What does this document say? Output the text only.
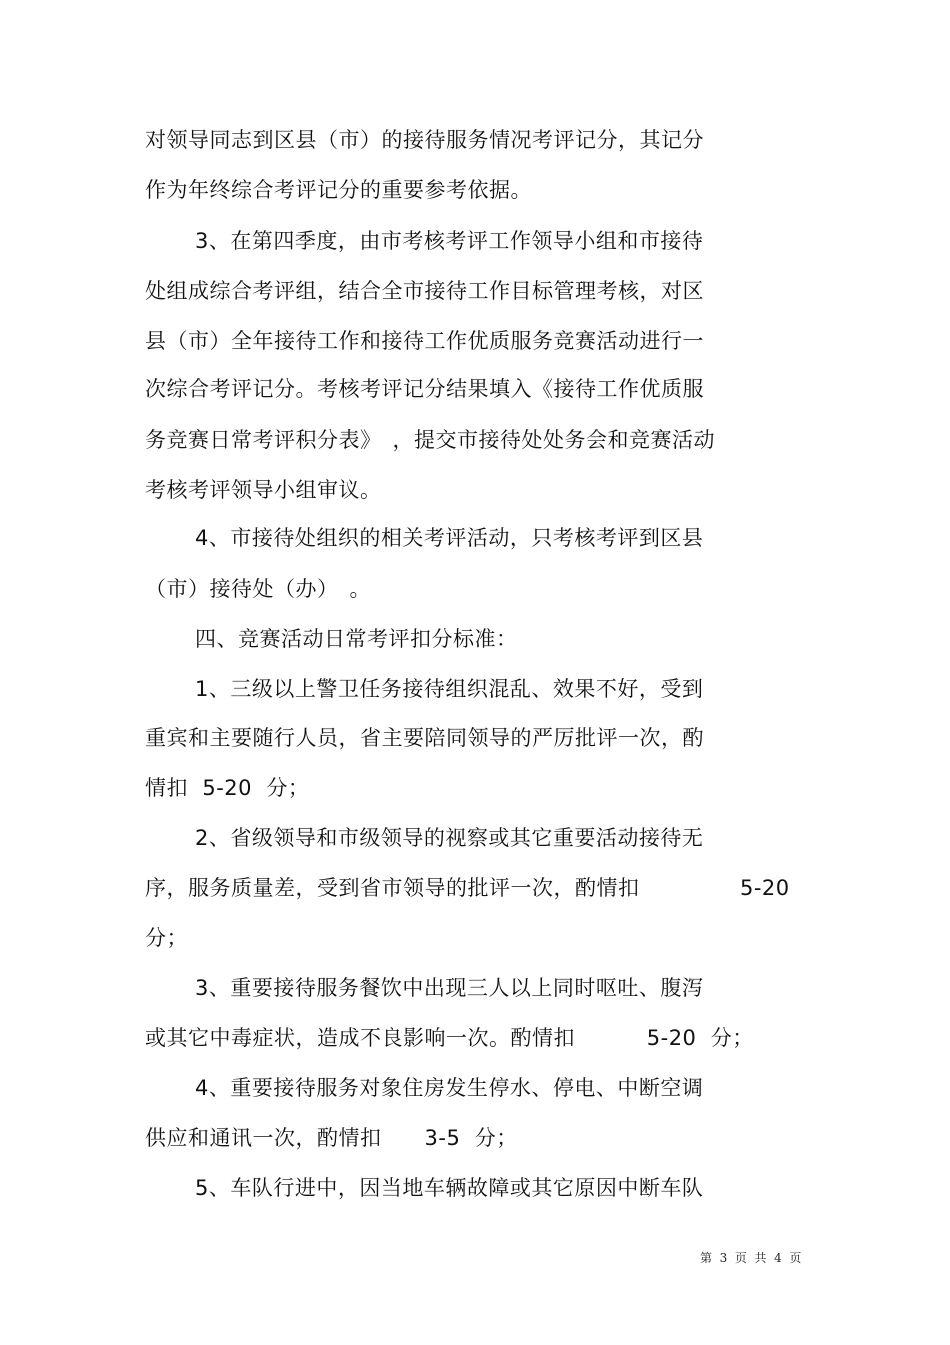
对领导同志到区县（市）的接待服务情况考评记分，其记分
作为年终综合考评记分的重要参考依据。
3、在第四季度，由市考核考评工作领导小组和市接待
处组成综合考评组，结合全市接待工作目标管理考核，对区
县（市）全年接待工作和接待工作优质服务竞赛活动进行一
次综合考评记分。考核考评记分结果填入《接待工作优质服
务竞赛日常考评积分表》　，提交市接待处处务会和竞赛活动
考核考评领导小组审议。
4、市接待处组织的相关考评活动，只考核考评到区县
（市）接待处（办）　。
四、竞赛活动日常考评扣分标准：
1、三级以上警卫任务接待组织混乱、效果不好，受到
重宾和主要随行人员，省主要陪同领导的严厉批评一次，酌
情扣  5-20  分；
2、省级领导和市级领导的视察或其它重要活动接待无
序，服务质量差，受到省市领导的批评一次，酌情扣              5-20
分；
3、重要接待服务餐饮中出现三人以上同时呕吐、腹泻
或其它中毒症状，造成不良影响一次。酌情扣          5-20  分；
4、重要接待服务对象住房发生停水、停电、中断空调
供应和通讯一次，酌情扣      3-5  分；
5、车队行进中，因当地车辆故障或其它原因中断车队
第  3  页  共  4  页
